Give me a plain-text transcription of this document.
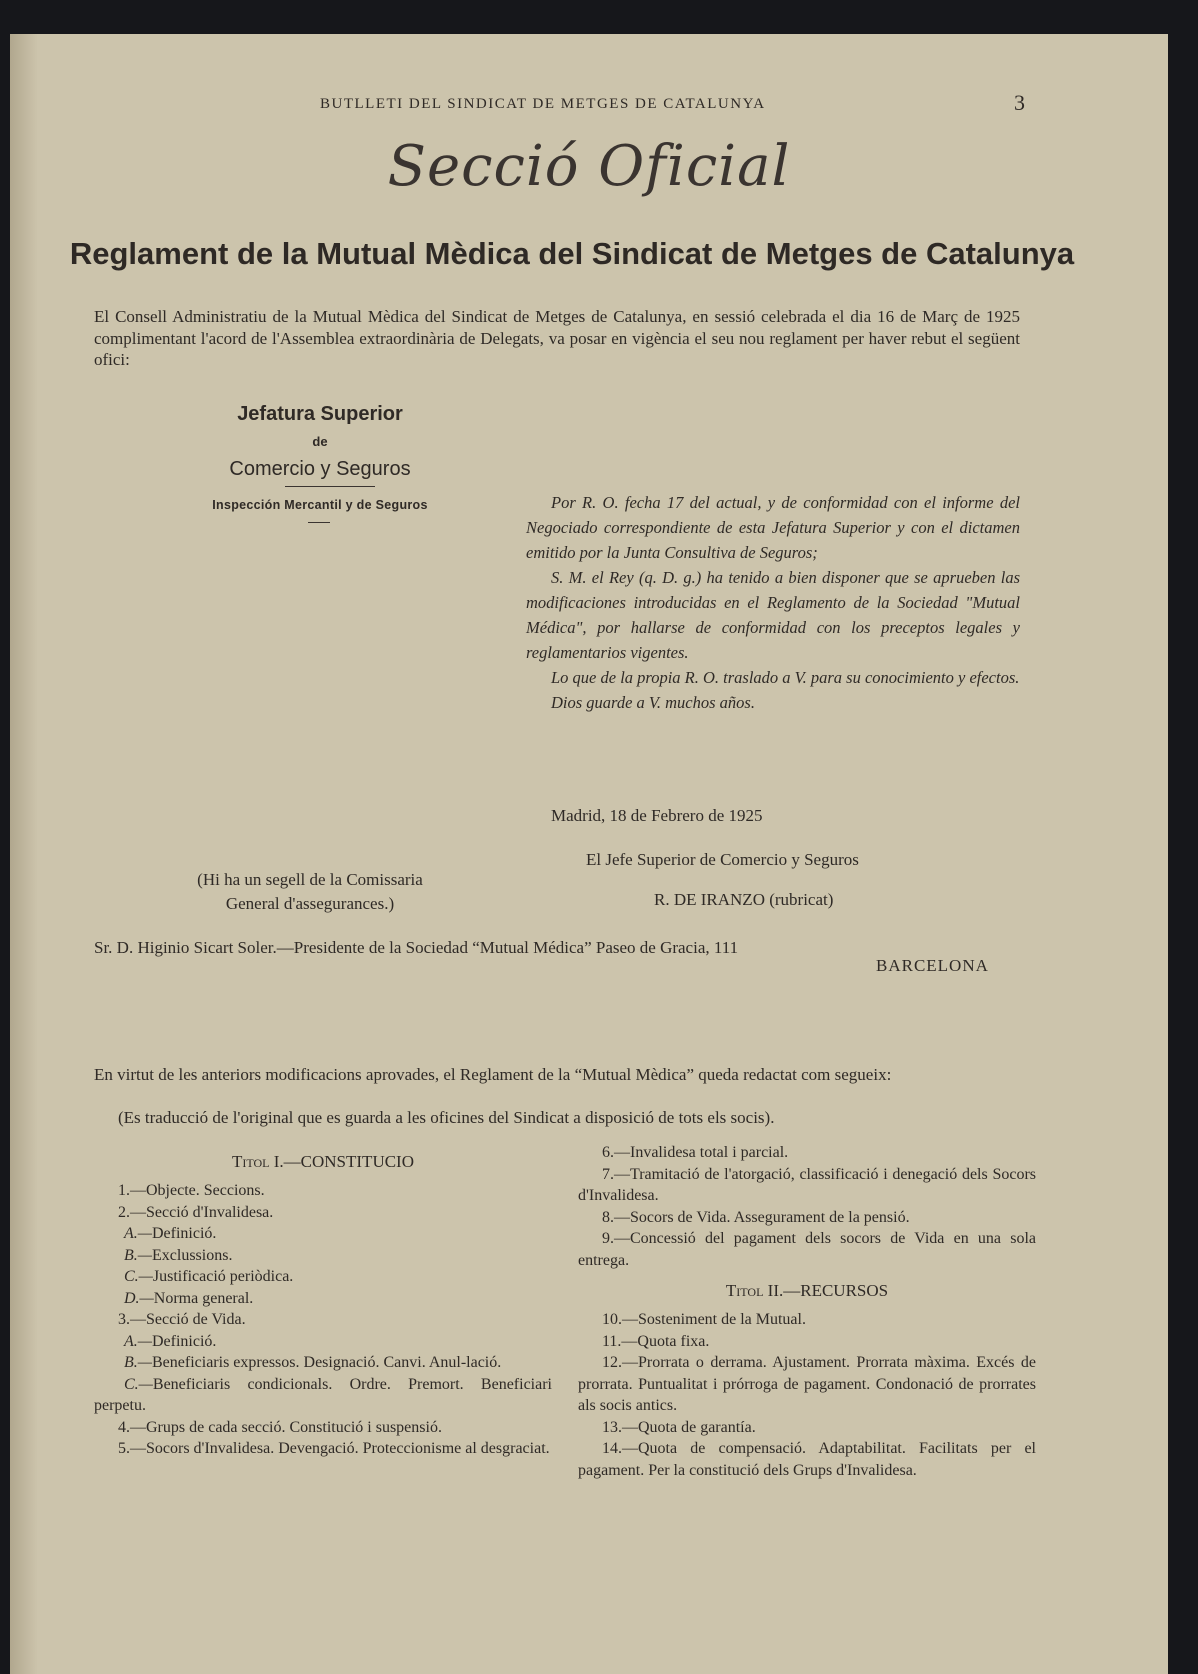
BUTLLETI DEL SINDICAT DE METGES DE CATALUNYA	3
Secció Oficial
Reglament de la Mutual Mèdica del Sindicat de Metges de Catalunya
El Consell Administratiu de la Mutual Mèdica del Sindicat de Metges de Catalunya, en sessió celebrada el dia 16 de Març de 1925 complimentant l'acord de l'Assemblea extraordinària de Delegats, va posar en vigència el seu nou reglament per haver rebut el següent ofici:
Jefatura Superior
de
Comercio y Seguros
Inspección Mercantil y de Seguros	Por R. O. fecha 17 del actual, y de conformidad con el informe del Negociado correspondiente de esta Jefatura Superior y con el dictamen emitido por la Junta Consultiva de Seguros;

S. M. el Rey (q. D. g.) ha tenido a bien disponer que se aprueben las modificaciones introducidas en el Reglamento de la Sociedad "Mutual Médica", por hallarse de conformidad con los preceptos legales y reglamentarios vigentes.

Lo que de la propia R. O. traslado a V. para su conocimiento y efectos.

Dios guarde a V. muchos años.

Madrid, 18 de Febrero de 1925
El Jefe Superior de Comercio y Seguros
R. DE IRANZO (rubricat)
(Hi ha un segell de la Comissaria General d'assegurances.)
Sr. D. Higinio Sicart Soler.—Presidente de la Sociedad “Mutual Médica” Paseo de Gracia, 111
BARCELONA
En virtut de les anteriors modificacions aprovades, el Reglament de la “Mutual Mèdica” queda redactat com segueix:
(Es traducció de l'original que es guarda a les oficines del Sindicat a disposició de tots els socis).
Titol I.—CONSTITUCIO

1.—Objecte. Seccions.

2.—Secció d'Invalidesa.

A.—Definició.

B.—Exclussions.

C.—Justificació periòdica.

D.—Norma general.

3.—Secció de Vida.

A.—Definició.

B.—Beneficiaris expressos. Designació. Canvi. Anul-lació.

C.—Beneficiaris condicionals. Ordre. Premort. Beneficiari perpetu.

4.—Grups de cada secció. Constitució i suspensió.

5.—Socors d'Invalidesa. Devengació. Proteccionisme al desgraciat.

6.—Invalidesa total i parcial.

7.—Tramitació de l'atorgació, classificació i denegació dels Socors d'Invalidesa.

8.—Socors de Vida. Assegurament de la pensió.

9.—Concessió del pagament dels socors de Vida en una sola entrega.

Titol II.—RECURSOS

10.—Sosteniment de la Mutual.

11.—Quota fixa.

12.—Prorrata o derrama. Ajustament. Prorrata màxima. Excés de prorrata. Puntualitat i prórroga de pagament. Condonació de prorrates als socis antics.

13.—Quota de garantía.

14.—Quota de compensació. Adaptabilitat. Facilitats per el pagament. Per la constitució dels Grups d'Invalidesa.
